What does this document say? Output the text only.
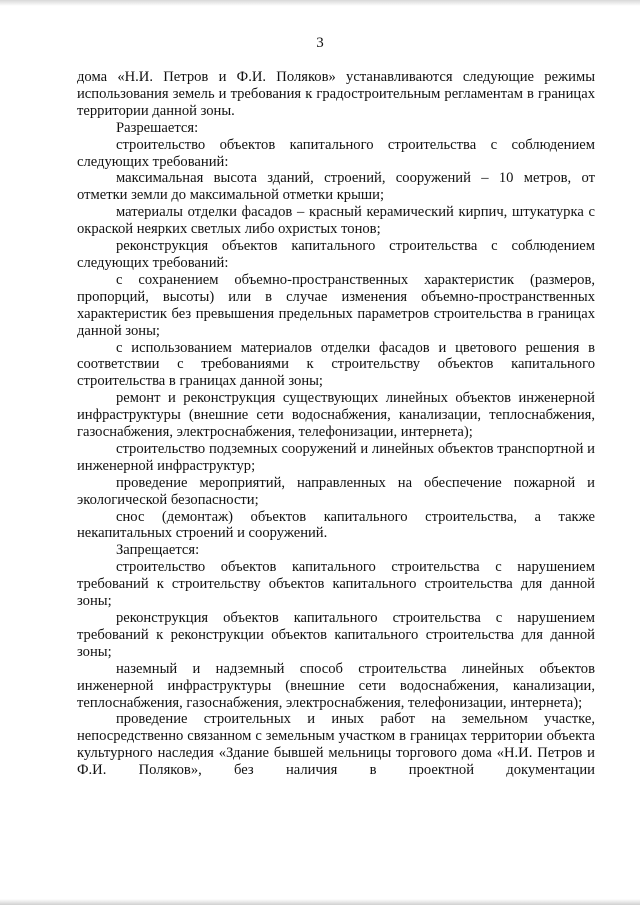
3

дома «Н.И. Петров и Ф.И. Поляков» устанавливаются следующие режимы использования земель и требования к градостроительным регламентам в границах территории данной зоны.

Разрешается:

строительство объектов капитального строительства с соблюдением следующих требований:

максимальная высота зданий, строений, сооружений – 10 метров, от отметки земли до максимальной отметки крыши;

материалы отделки фасадов – красный керамический кирпич, штукатурка с окраской неярких светлых либо охристых тонов;

реконструкция объектов капитального строительства с соблюдением следующих требований:

с сохранением объемно-пространственных характеристик (размеров, пропорций, высоты) или в случае изменения объемно-пространственных характеристик без превышения предельных параметров строительства в границах данной зоны;

с использованием материалов отделки фасадов и цветового решения в соответствии с требованиями к строительству объектов капитального строительства в границах данной зоны;

ремонт и реконструкция существующих линейных объектов инженерной инфраструктуры (внешние сети водоснабжения, канализации, теплоснабжения, газоснабжения, электроснабжения, телефонизации, интернета);

строительство подземных сооружений и линейных объектов транспортной и инженерной инфраструктур;

проведение мероприятий, направленных на обеспечение пожарной и экологической безопасности;

снос (демонтаж) объектов капитального строительства, а также некапитальных строений и сооружений.

Запрещается:

строительство объектов капитального строительства с нарушением требований к строительству объектов капитального строительства для данной зоны;

реконструкция объектов капитального строительства с нарушением требований к реконструкции объектов капитального строительства для данной зоны;

наземный и надземный способ строительства линейных объектов инженерной инфраструктуры (внешние сети водоснабжения, канализации, теплоснабжения, газоснабжения, электроснабжения, телефонизации, интернета);

проведение строительных и иных работ на земельном участке, непосредственно связанном с земельным участком в границах территории объекта культурного наследия «Здание бывшей мельницы торгового дома «Н.И. Петров и Ф.И. Поляков», без наличия в проектной документации
